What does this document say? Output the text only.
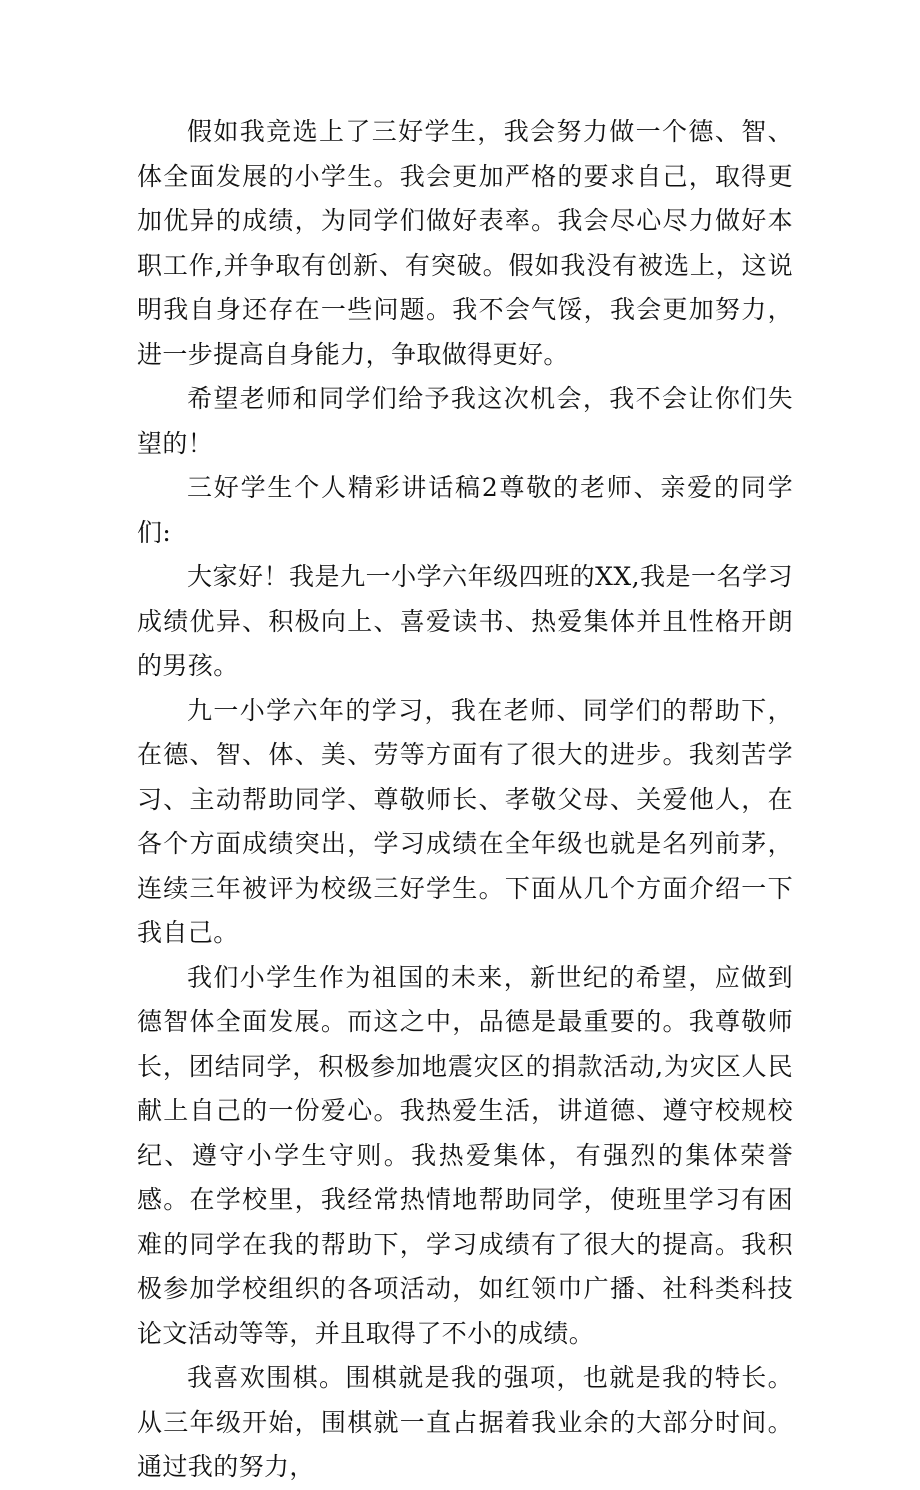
假如我竞选上了三好学生，我会努力做一个德、智、体全面发展的小学生。我会更加严格的要求自己，取得更加优异的成绩，为同学们做好表率。我会尽心尽力做好本职工作,并争取有创新、有突破。假如我没有被选上，这说明我自身还存在一些问题。我不会气馁，我会更加努力，进一步提高自身能力，争取做得更好。

希望老师和同学们给予我这次机会，我不会让你们失望的！

三好学生个人精彩讲话稿2尊敬的老师、亲爱的同学们:

大家好！我是九一小学六年级四班的XX,我是一名学习成绩优异、积极向上、喜爱读书、热爱集体并且性格开朗的男孩。

九一小学六年的学习，我在老师、同学们的帮助下，在德、智、体、美、劳等方面有了很大的进步。我刻苦学习、主动帮助同学、尊敬师长、孝敬父母、关爱他人，在各个方面成绩突出，学习成绩在全年级也就是名列前茅，连续三年被评为校级三好学生。下面从几个方面介绍一下我自己。

我们小学生作为祖国的未来，新世纪的希望，应做到德智体全面发展。而这之中，品德是最重要的。我尊敬师长，团结同学，积极参加地震灾区的捐款活动,为灾区人民献上自己的一份爱心。我热爱生活，讲道德、遵守校规校纪、遵守小学生守则。我热爱集体，有强烈的集体荣誉感。在学校里，我经常热情地帮助同学，使班里学习有困难的同学在我的帮助下，学习成绩有了很大的提高。我积极参加学校组织的各项活动，如红领巾广播、社科类科技论文活动等等，并且取得了不小的成绩。

我喜欢围棋。围棋就是我的强项，也就是我的特长。从三年级开始，围棋就一直占据着我业余的大部分时间。通过我的努力，
